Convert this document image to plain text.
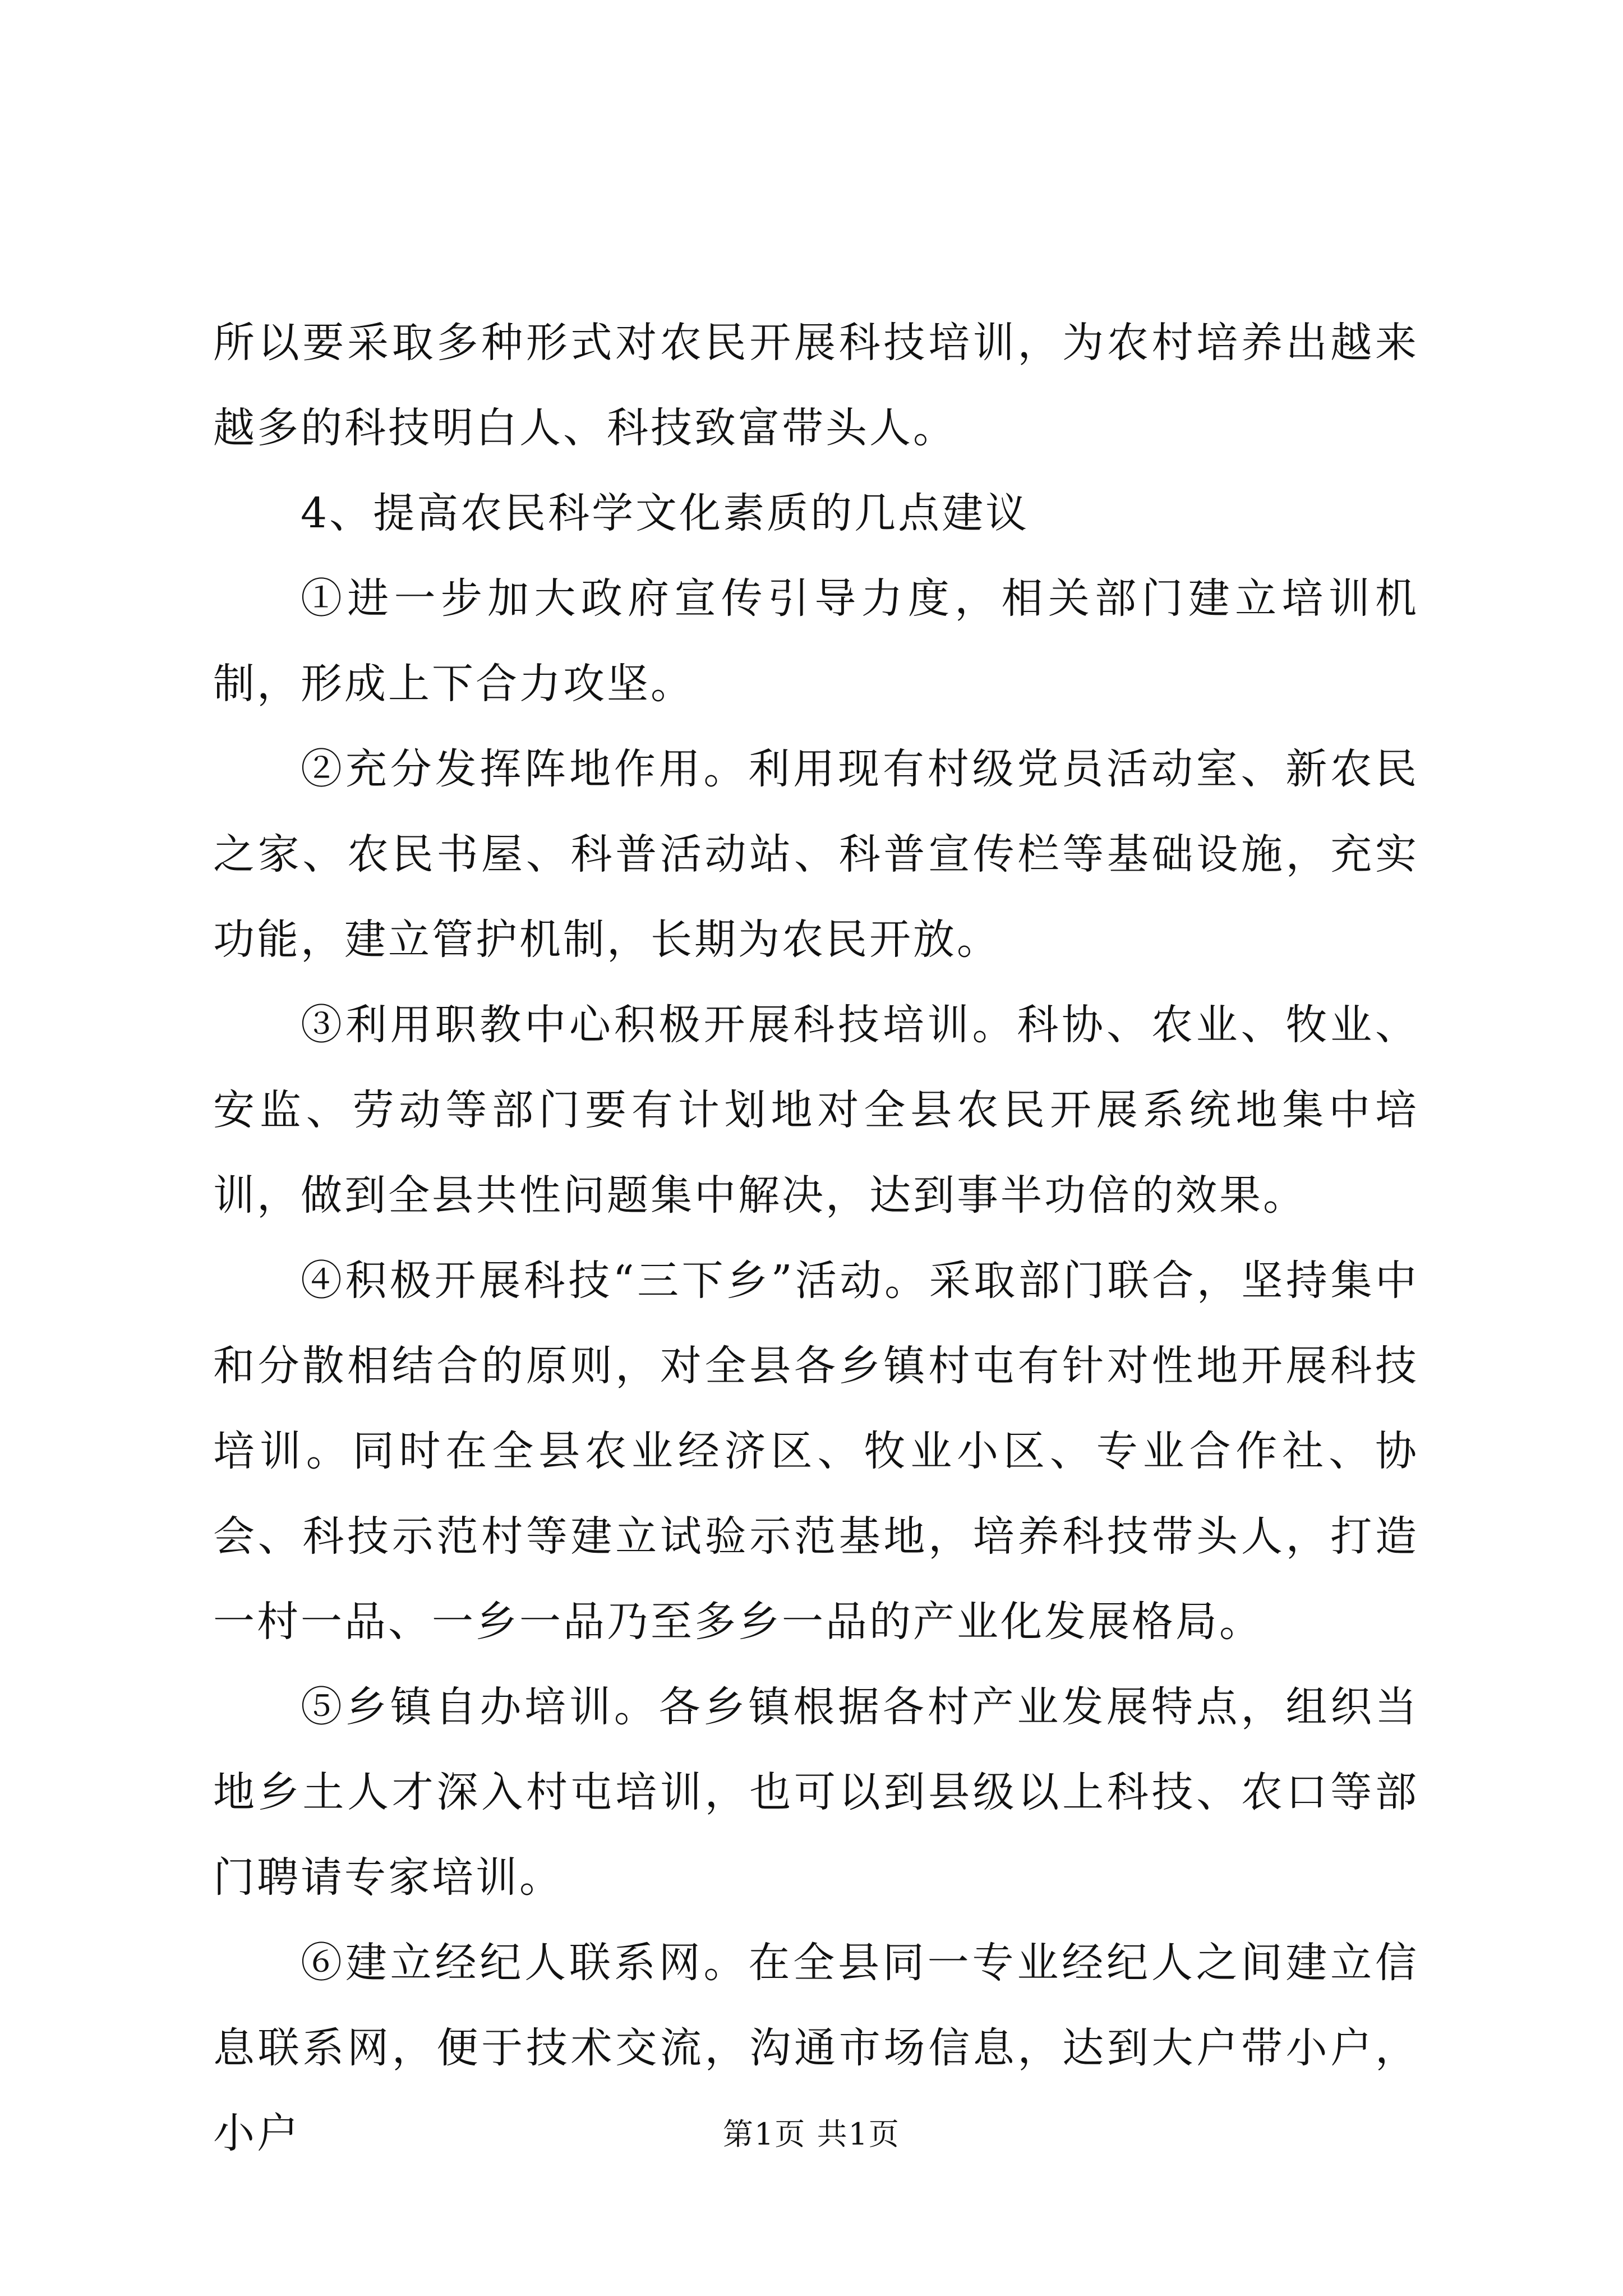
所以要采取多种形式对农民开展科技培训，为农村培养出越来越多的科技明白人、科技致富带头人。

4、提高农民科学文化素质的几点建议

①进一步加大政府宣传引导力度，相关部门建立培训机制，形成上下合力攻坚。

②充分发挥阵地作用。利用现有村级党员活动室、新农民之家、农民书屋、科普活动站、科普宣传栏等基础设施，充实功能，建立管护机制，长期为农民开放。

③利用职教中心积极开展科技培训。科协、农业、牧业、安监、劳动等部门要有计划地对全县农民开展系统地集中培训，做到全县共性问题集中解决，达到事半功倍的效果。

④积极开展科技“三下乡”活动。采取部门联合，坚持集中和分散相结合的原则，对全县各乡镇村屯有针对性地开展科技培训。同时在全县农业经济区、牧业小区、专业合作社、协会、科技示范村等建立试验示范基地，培养科技带头人，打造一村一品、一乡一品乃至多乡一品的产业化发展格局。

⑤乡镇自办培训。各乡镇根据各村产业发展特点，组织当地乡土人才深入村屯培训，也可以到县级以上科技、农口等部门聘请专家培训。

⑥建立经纪人联系网。在全县同一专业经纪人之间建立信息联系网，便于技术交流，沟通市场信息，达到大户带小户，小户	第1页 共1页
